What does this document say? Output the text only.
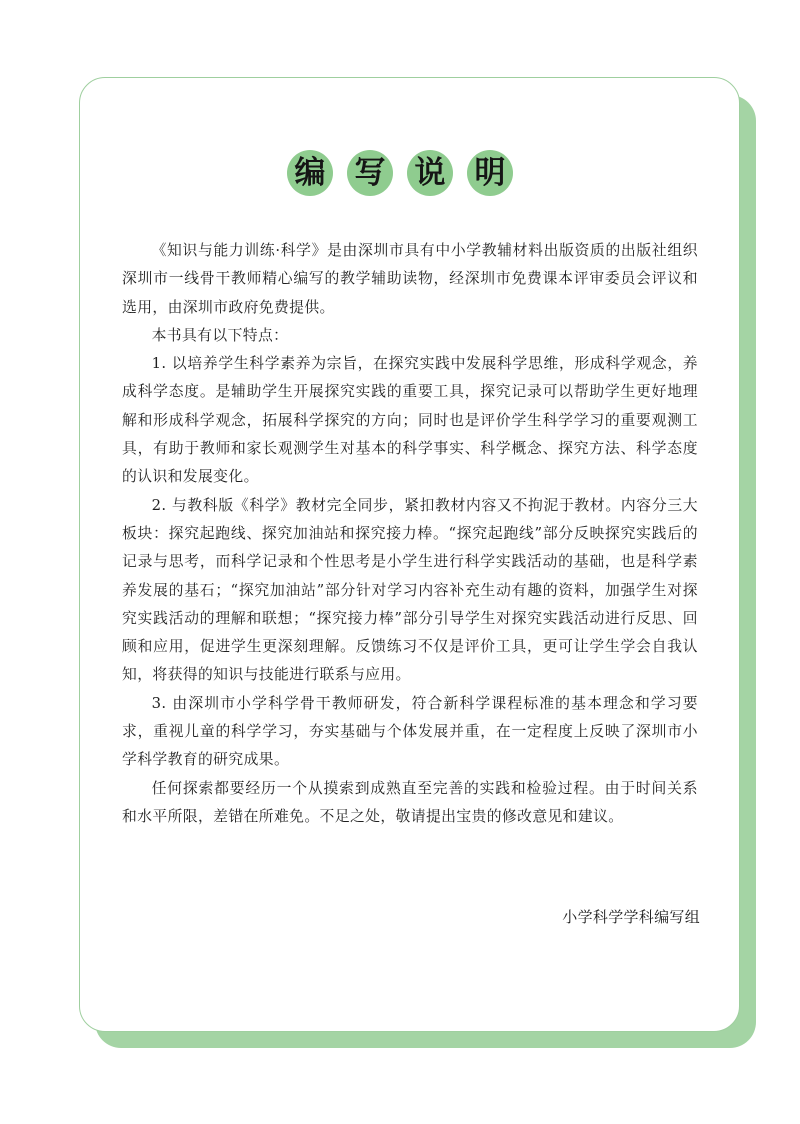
编 写 说 明

《知识与能力训练·科学》是由深圳市具有中小学教辅材料出版资质的出版社组织深圳市一线骨干教师精心编写的教学辅助读物，经深圳市免费课本评审委员会评议和选用，由深圳市政府免费提供。

本书具有以下特点：

1. 以培养学生科学素养为宗旨，在探究实践中发展科学思维，形成科学观念，养成科学态度。是辅助学生开展探究实践的重要工具，探究记录可以帮助学生更好地理解和形成科学观念，拓展科学探究的方向；同时也是评价学生科学学习的重要观测工具，有助于教师和家长观测学生对基本的科学事实、科学概念、探究方法、科学态度的认识和发展变化。

2. 与教科版《科学》教材完全同步，紧扣教材内容又不拘泥于教材。内容分三大板块：探究起跑线、探究加油站和探究接力棒。“探究起跑线”部分反映探究实践后的记录与思考，而科学记录和个性思考是小学生进行科学实践活动的基础，也是科学素养发展的基石；“探究加油站”部分针对学习内容补充生动有趣的资料，加强学生对探究实践活动的理解和联想；“探究接力棒”部分引导学生对探究实践活动进行反思、回顾和应用，促进学生更深刻理解。反馈练习不仅是评价工具，更可让学生学会自我认知，将获得的知识与技能进行联系与应用。

3. 由深圳市小学科学骨干教师研发，符合新科学课程标准的基本理念和学习要求，重视儿童的科学学习，夯实基础与个体发展并重，在一定程度上反映了深圳市小学科学教育的研究成果。

任何探索都要经历一个从摸索到成熟直至完善的实践和检验过程。由于时间关系和水平所限，差错在所难免。不足之处，敬请提出宝贵的修改意见和建议。

小学科学学科编写组
